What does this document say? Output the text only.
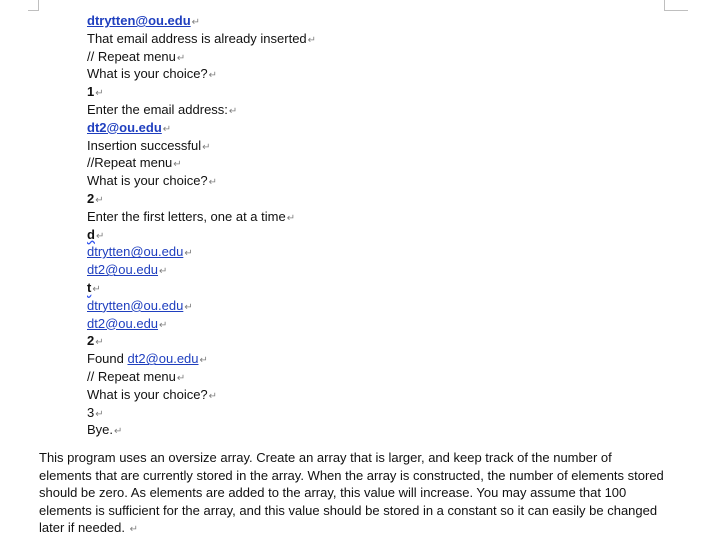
dtrytten@ou.edu↵
That email address is already inserted↵
// Repeat menu↵
What is your choice?↵
1↵
Enter the email address:↵
dt2@ou.edu↵
Insertion successful↵
//Repeat menu↵
What is your choice?↵
2↵
Enter the first letters, one at a time↵
d↵
dtrytten@ou.edu↵
dt2@ou.edu↵
t↵
dtrytten@ou.edu↵
dt2@ou.edu↵
2↵
Found dt2@ou.edu↵
// Repeat menu↵
What is your choice?↵
3↵
Bye.↵
This program uses an oversize array. Create an array that is larger, and keep track of the number of elements that are currently stored in the array. When the array is constructed, the number of elements stored should be zero. As elements are added to the array, this value will increase. You may assume that 100 elements is sufficient for the array, and this value should be stored in a constant so it can easily be changed later if needed. ↵
